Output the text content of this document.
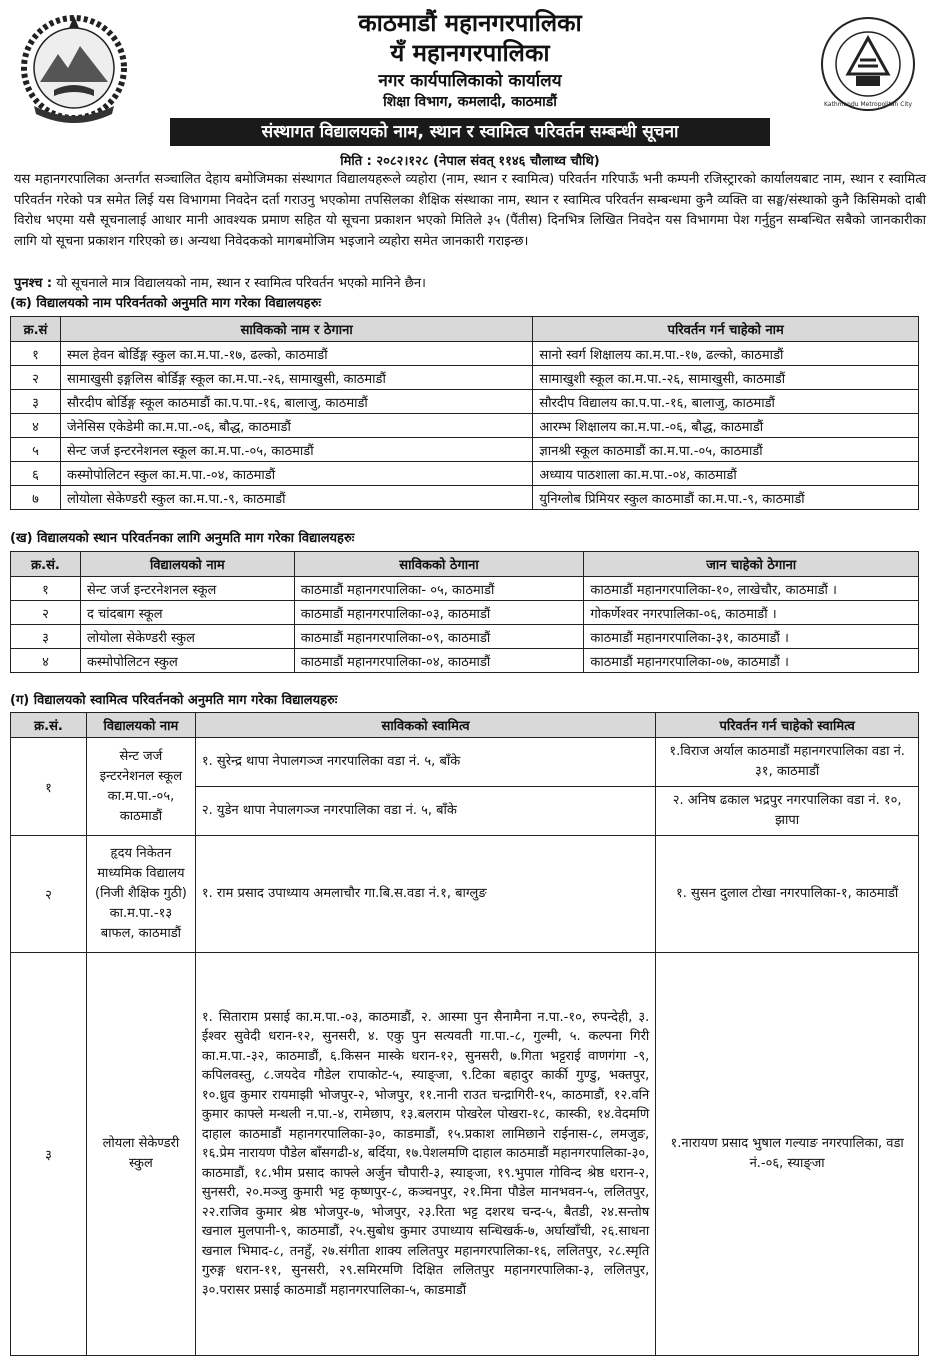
काठमाडौं महानगरपालिका
यँ महानगरपालिका
नगर कार्यपालिकाको कार्यालय
शिक्षा विभाग, कमलादी, काठमाडौं	Kathmandu Metropolitan City
संस्थागत विद्यालयको नाम, स्थान र स्वामित्व परिवर्तन सम्बन्धी सूचना
मिति : २०८२।१२८ (नेपाल संवत् ११४६ चौलाथ्व चौथि)
यस महानगरपालिका अन्तर्गत सञ्चालित देहाय बमोजिमका संस्थागत विद्यालयहरूले व्यहोरा (नाम, स्थान र स्वामित्व) परिवर्तन गरिपाऊँ भनी कम्पनी रजिस्ट्रारको कार्यालयबाट नाम, स्थान र स्वामित्व परिवर्तन गरेको पत्र समेत लिई यस विभागमा निवदेन दर्ता गराउनु भएकोमा तपसिलका शैक्षिक संस्थाका नाम, स्थान र स्वामित्व परिवर्तन सम्बन्धमा कुनै व्यक्ति वा सङ्घ/संस्थाको कुनै किसिमको दाबी विरोध भएमा यसै सूचनालाई आधार मानी आवश्यक प्रमाण सहित यो सूचना प्रकाशन भएको मितिले ३५ (पैंतीस) दिनभित्र लिखित निवदेन यस विभागमा पेश गर्नुहुन सम्बन्धित सबैको जानकारीका लागि यो सूचना प्रकाशन गरिएको छ। अन्यथा निवेदकको मागबमोजिम भइजाने व्यहोरा समेत जानकारी गराइन्छ।
पुनश्च : यो सूचनाले मात्र विद्यालयको नाम, स्थान र स्वामित्व परिवर्तन भएको मानिने छैन।
(क) विद्यालयको नाम परिवर्नतको अनुमति माग गरेका विद्यालयहरुः
क्र.सं	साविकको नाम र ठेगाना	परिवर्तन गर्न चाहेको नाम
१	स्मल हेवन बोर्डिङ्ग स्कुल का.म.पा.-१७, ढल्को, काठमाडौं	सानो स्वर्ग शिक्षालय का.म.पा.-१७, ढल्को, काठमाडौं
२	सामाखुसी इङ्गलिस बोर्डिङ्ग स्कूल का.म.पा.-२६, सामाखुसी, काठमाडौं	सामाखुशी स्कूल का.म.पा.-२६, सामाखुसी, काठमाडौं
३	सौरदीप बोर्डिङ्ग स्कूल काठमाडौं का.प.पा.-१६, बालाजु, काठमाडौं	सौरदीप विद्यालय का.प.पा.-१६, बालाजु, काठमाडौं
४	जेनेसिस एकेडेमी का.म.पा.-०६, बौद्ध, काठमाडौं	आरम्भ शिक्षालय का.म.पा.-०६, बौद्ध, काठमाडौं
५	सेन्ट जर्ज इन्टरनेशनल स्कूल का.म.पा.-०५, काठमाडौं	ज्ञानश्री स्कूल काठमाडौं का.म.पा.-०५, काठमाडौं
६	कस्मोपोलिटन स्कुल का.म.पा.-०४, काठमाडौं	अध्याय पाठशाला का.म.पा.-०४, काठमाडौं
७	लोयोला सेकेण्डरी स्कुल का.म.पा.-९, काठमाडौं	युनिग्लोब प्रिमियर स्कुल काठमाडौं का.म.पा.-९, काठमाडौं
(ख) विद्यालयको स्थान परिवर्तनका लागि अनुमति माग गरेका विद्यालयहरुः
क्र.सं.	विद्यालयको नाम	साविकको ठेगाना	जान चाहेको ठेगाना
१	सेन्ट जर्ज इन्टरनेशनल स्कूल	काठमाडौं महानगरपालिका- ०५, काठमाडौं	काठमाडौं महानगरपालिका-१०, लाखेचौर, काठमाडौं ।
२	द चांदबाग स्कूल	काठमाडौं महानगरपालिका-०३, काठमाडौं	गोकर्णेश्वर नगरपालिका-०६, काठमाडौं ।
३	लोयोला सेकेण्डरी स्कुल	काठमाडौं महानगरपालिका-०९, काठमाडौं	काठमाडौं महानगरपालिका-३१, काठमाडौं ।
४	कस्मोपोलिटन स्कुल	काठमाडौं महानगरपालिका-०४, काठमाडौं	काठमाडौं महानगरपालिका-०७, काठमाडौं ।
(ग) विद्यालयको स्वामित्व परिवर्तनको अनुमति माग गरेका विद्यालयहरुः
क्र.सं.	विद्यालयको नाम	साविकको स्वामित्व	परिवर्तन गर्न चाहेको स्वामित्व
१	सेन्ट जर्ज इन्टरनेशनल स्कूल का.म.पा.-०५, काठमाडौं	१. सुरेन्द्र थापा नेपालगञ्ज नगरपालिका वडा नं. ५, बाँके	१.विराज अर्याल काठमाडौं महानगरपालिका वडा नं. ३१, काठमाडौं
		२. युडेन थापा नेपालगञ्ज नगरपालिका वडा नं. ५, बाँके	२. अनिष ढकाल भद्रपुर नगरपालिका वडा नं. १०, झापा
२	हृदय निकेतन माध्यमिक विद्यालय (निजी शैक्षिक गुठी) का.म.पा.-१३ बाफल, काठमाडौं	१. राम प्रसाद उपाध्याय अमलाचौर गा.बि.स.वडा नं.१, बाग्लुङ	१. सुसन दुलाल टोखा नगरपालिका-१, काठमाडौं
३	लोयला सेकेण्डरी स्कुल	१. सिताराम प्रसाई का.म.पा.-०३, काठमाडौं, २. आस्मा पुन सैनामैना न.पा.-१०, रुपन्देही, ३. ईश्वर सुवेदी धरान-१२, सुनसरी, ४. एकु पुन सत्यवती गा.पा.-८, गुल्मी, ५. कल्पना गिरी का.म.पा.-३२, काठमाडौं, ६.किसन मास्के धरान-१२, सुनसरी, ७.गिता भट्टराई वाणगंगा -९, कपिलवस्तु, ८.जयदेव गौडेल रापाकोट-५, स्याङ्जा, ९.टिका बहादुर कार्की गुण्डु, भक्तपुर, १०.ध्रुव कुमार रायमाझी भोजपुर-२, भोजपुर, ११.नानी राउत चन्द्रागिरी-१५, काठमाडौं, १२.वनि कुमार काफ्ले मन्थली न.पा.-४, रामेछाप, १३.बलराम पोखरेल पोखरा-१८, कास्की, १४.वेदमणि दाहाल काठमाडौं महानगरपालिका-३०, काडमाडौं, १५.प्रकाश लामिछाने राईनास-८, लमजुङ, १६.प्रेम नारायण पौडेल बाँसगढी-४, बर्दिया, १७.पेशलमणि दाहाल काठमाडौं महानगरपालिका-३०, काठमाडौं, १८.भीम प्रसाद काफ्ले अर्जुन चौपारी-३, स्याङ्जा, १९.भुपाल गोविन्द श्रेष्ठ धरान-२, सुनसरी, २०.मञ्जु कुमारी भट्ट कृष्णपुर-८, कञ्चनपुर, २१.मिना पौडेल मानभवन-५, ललितपुर, २२.राजिव कुमार श्रेष्ठ भोजपुर-७, भोजपुर, २३.रिता भट्ट दशरथ चन्द-५, बैतडी, २४.सन्तोष खनाल मुलपानी-९, काठमाडौं, २५.सुबोध कुमार उपाध्याय सन्धिखर्क-७, अर्घाखाँची, २६.साधना खनाल भिमाद-८, तनहुँ, २७.संगीता शाक्य ललितपुर महानगरपालिका-१६, ललितपुर, २८.स्मृति गुरुङ्ग धरान-११, सुनसरी, २९.समिरमणि दिक्षित ललितपुर महानगरपालिका-३, ललितपुर, ३०.परासर प्रसाई काठमाडौं महानगरपालिका-५, काडमाडौं	१.नारायण प्रसाद भुषाल गल्याङ नगरपालिका, वडा नं.-०६, स्याङ्जा
